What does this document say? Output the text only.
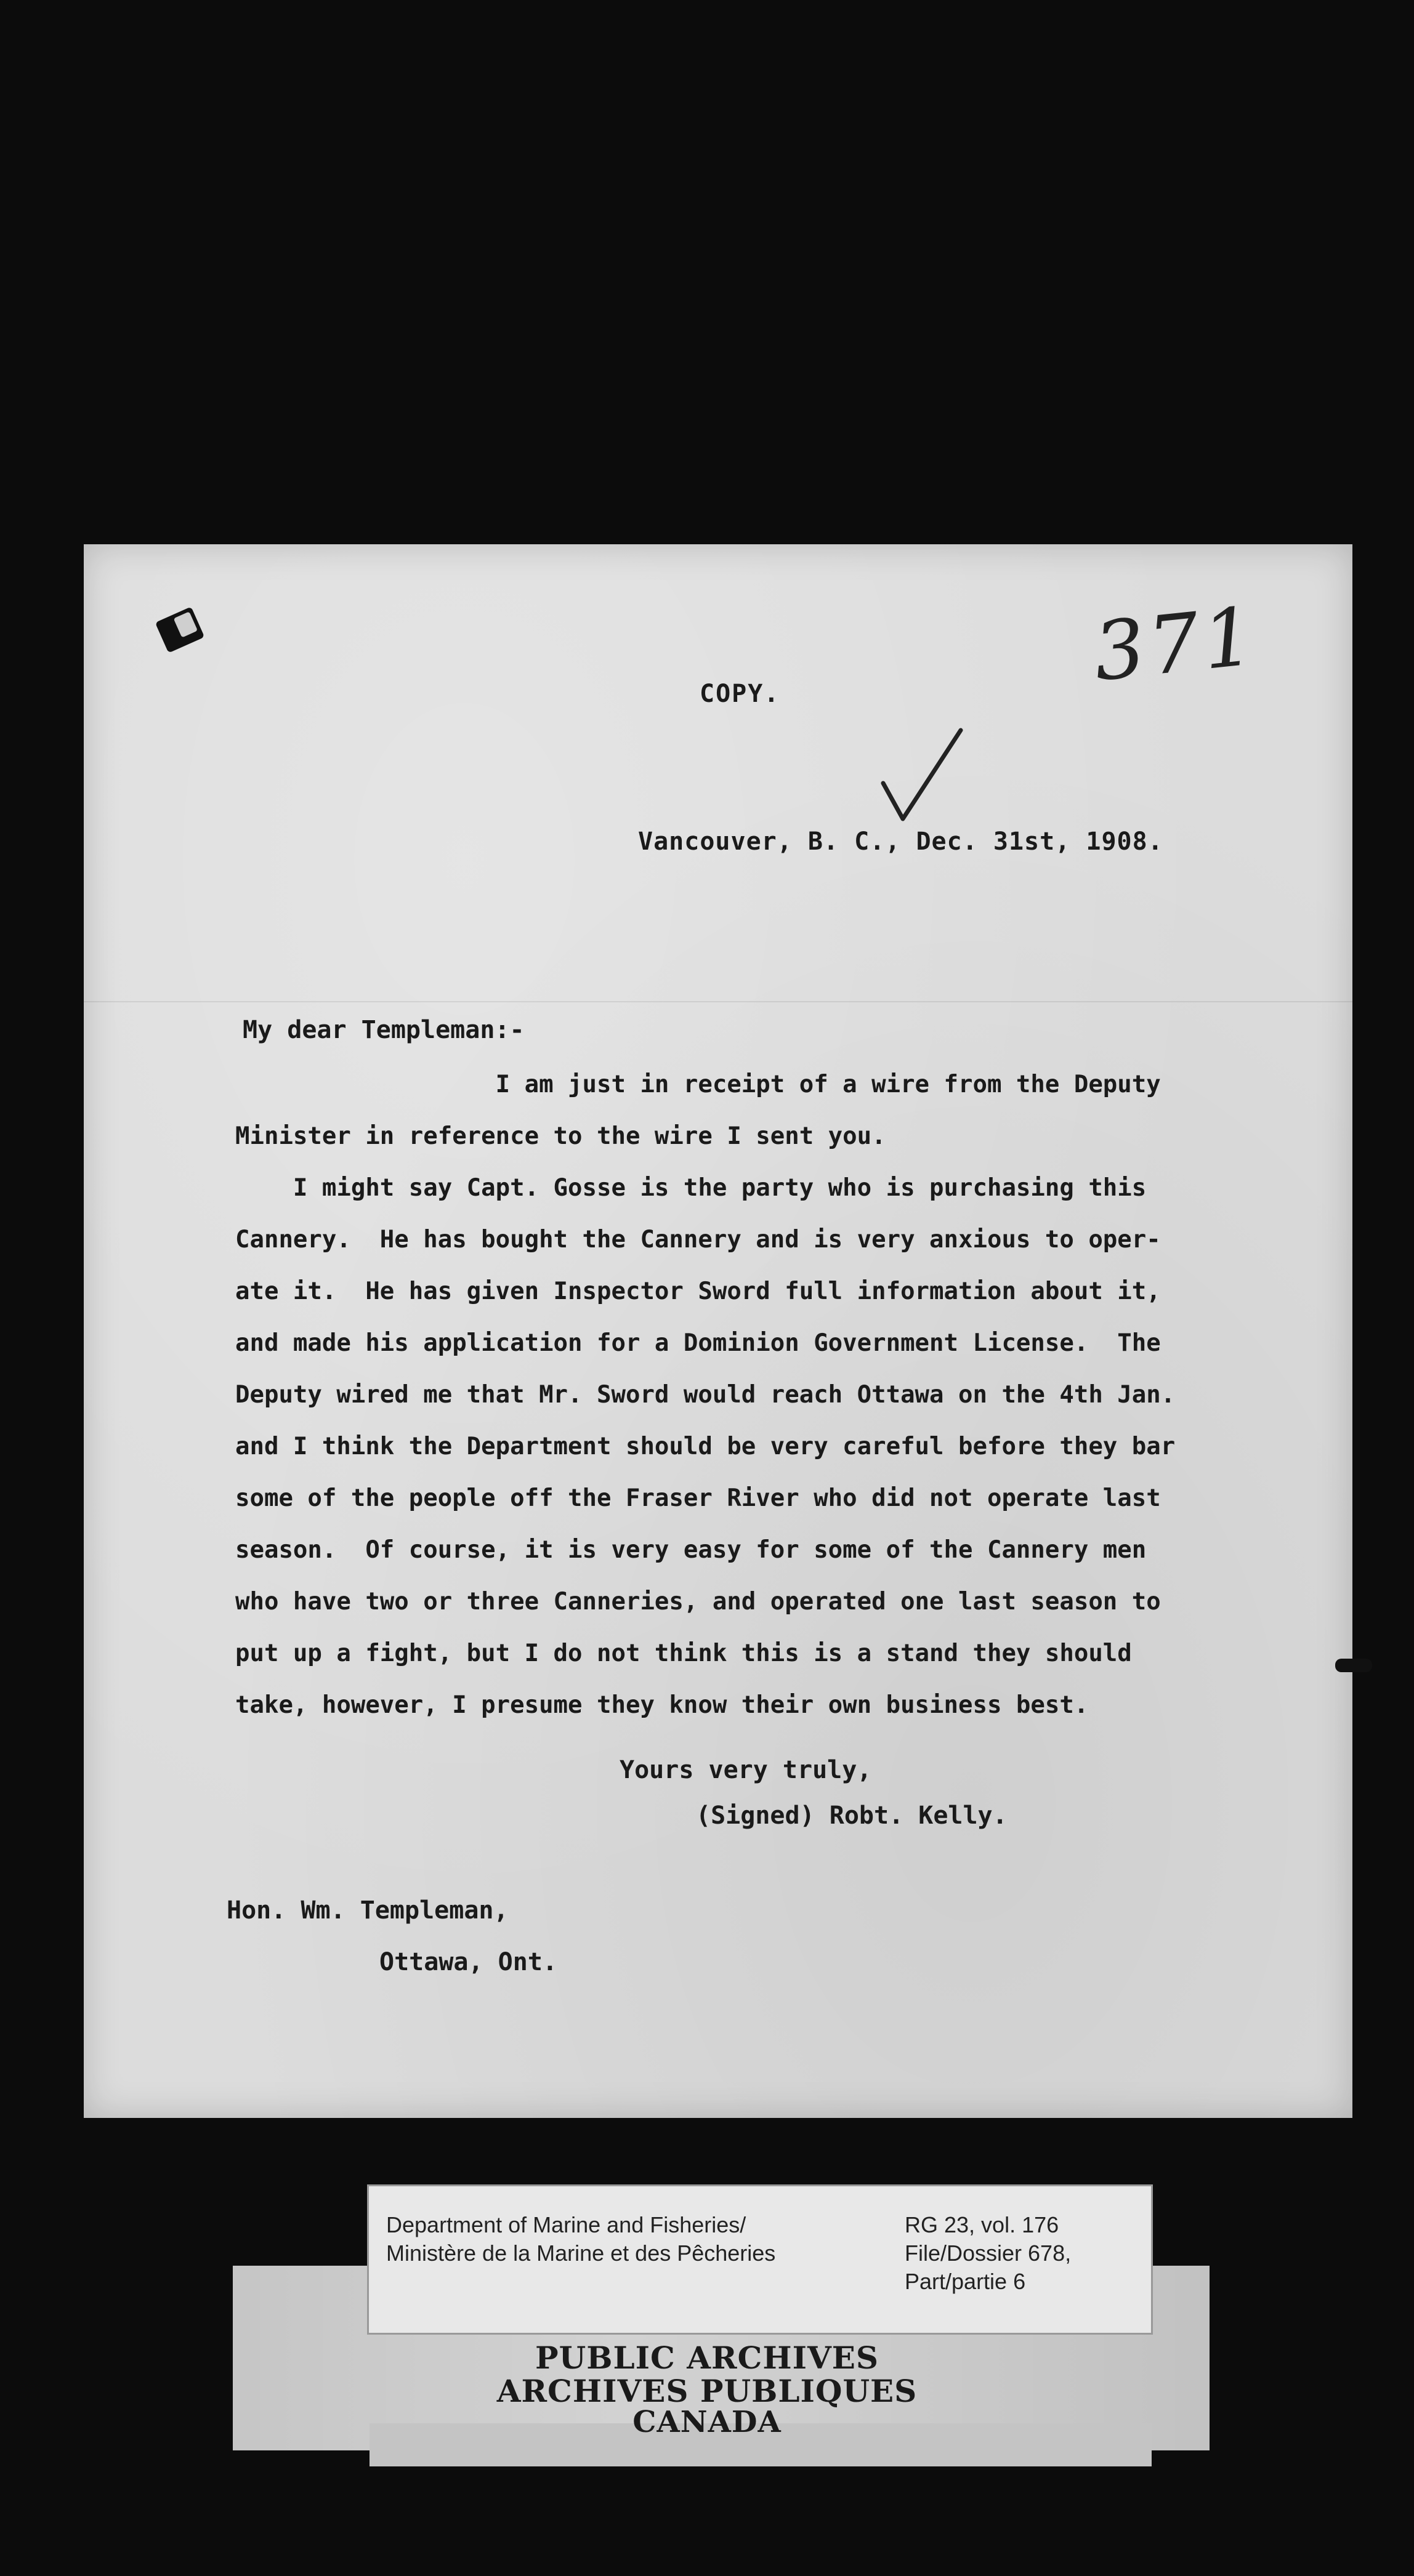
371
COPY.
Vancouver, B. C., Dec. 31st, 1908.
My dear Templeman:-
I am just in receipt of a wire from the Deputy
Minister in reference to the wire I sent you.
I might say Capt. Gosse is the party who is purchasing this
Cannery.  He has bought the Cannery and is very anxious to oper-
ate it.  He has given Inspector Sword full information about it,
and made his application for a Dominion Government License.  The
Deputy wired me that Mr. Sword would reach Ottawa on the 4th Jan.
and I think the Department should be very careful before they bar
some of the people off the Fraser River who did not operate last
season.  Of course, it is very easy for some of the Cannery men
who have two or three Canneries, and operated one last season to
put up a fight, but I do not think this is a stand they should
take, however, I presume they know their own business best.
Yours very truly,
(Signed) Robt. Kelly.
Hon. Wm. Templeman,
Ottawa, Ont.
Department of Marine and Fisheries/
Ministère de la Marine et des Pêcheries
RG 23, vol. 176
File/Dossier 678,
Part/partie 6
PUBLIC ARCHIVES
ARCHIVES PUBLIQUES
CANADA
